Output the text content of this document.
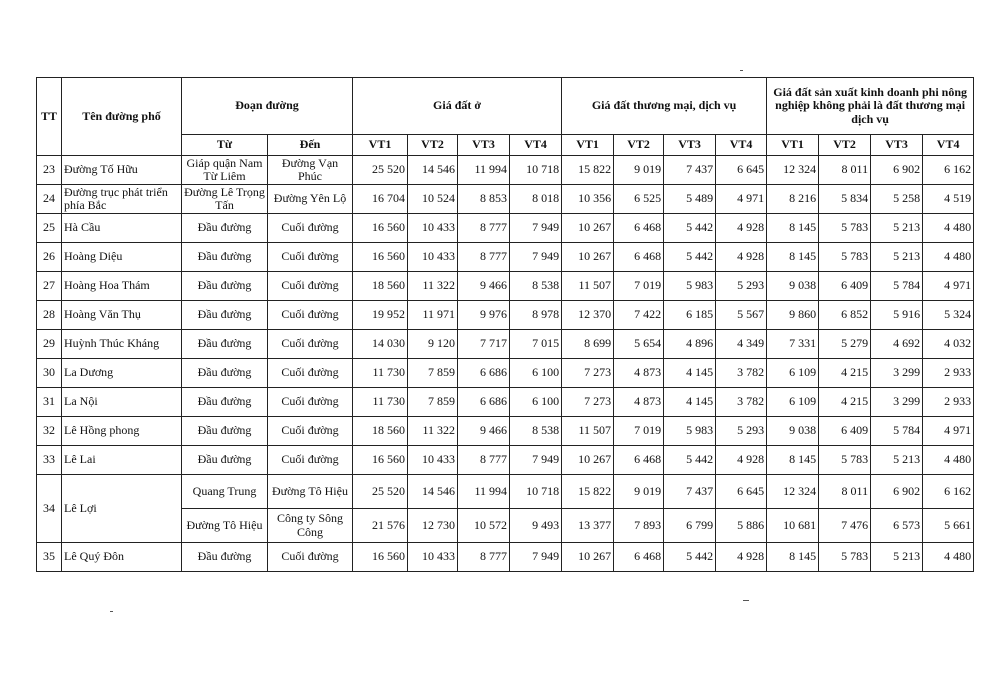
TT	Tên đường phố	Đoạn đường		Giá đất ở				Giá đất thương mại, dịch vụ				Giá đất sản xuất kinh doanh phi nông nghiệp không phải là đất thương mại dịch vụ			
		Từ	Đến	VT1	VT2	VT3	VT4	VT1	VT2	VT3	VT4	VT1	VT2	VT3	VT4
23	Đường Tố Hữu	Giáp quận Nam Từ Liêm	Đường Vạn Phúc	25 520	14 546	11 994	10 718	15 822	9 019	7 437	6 645	12 324	8 011	6 902	6 162
24	Đường trục phát triển phía Bắc	Đường Lê Trọng Tấn	Đường Yên Lộ	16 704	10 524	8 853	8 018	10 356	6 525	5 489	4 971	8 216	5 834	5 258	4 519
25	Hà Cầu	Đầu đường	Cuối đường	16 560	10 433	8 777	7 949	10 267	6 468	5 442	4 928	8 145	5 783	5 213	4 480
26	Hoàng Diệu	Đầu đường	Cuối đường	16 560	10 433	8 777	7 949	10 267	6 468	5 442	4 928	8 145	5 783	5 213	4 480
27	Hoàng Hoa Thám	Đầu đường	Cuối đường	18 560	11 322	9 466	8 538	11 507	7 019	5 983	5 293	9 038	6 409	5 784	4 971
28	Hoàng Văn Thụ	Đầu đường	Cuối đường	19 952	11 971	9 976	8 978	12 370	7 422	6 185	5 567	9 860	6 852	5 916	5 324
29	Huỳnh Thúc Kháng	Đầu đường	Cuối đường	14 030	9 120	7 717	7 015	8 699	5 654	4 896	4 349	7 331	5 279	4 692	4 032
30	La Dương	Đầu đường	Cuối đường	11 730	7 859	6 686	6 100	7 273	4 873	4 145	3 782	6 109	4 215	3 299	2 933
31	La Nội	Đầu đường	Cuối đường	11 730	7 859	6 686	6 100	7 273	4 873	4 145	3 782	6 109	4 215	3 299	2 933
32	Lê Hồng phong	Đầu đường	Cuối đường	18 560	11 322	9 466	8 538	11 507	7 019	5 983	5 293	9 038	6 409	5 784	4 971
33	Lê Lai	Đầu đường	Cuối đường	16 560	10 433	8 777	7 949	10 267	6 468	5 442	4 928	8 145	5 783	5 213	4 480
34	Lê Lợi	Quang Trung	Đường Tô Hiệu	25 520	14 546	11 994	10 718	15 822	9 019	7 437	6 645	12 324	8 011	6 902	6 162
		Đường Tô Hiệu	Công ty Sông Công	21 576	12 730	10 572	9 493	13 377	7 893	6 799	5 886	10 681	7 476	6 573	5 661
35	Lê Quý Đôn	Đầu đường	Cuối đường	16 560	10 433	8 777	7 949	10 267	6 468	5 442	4 928	8 145	5 783	5 213	4 480
